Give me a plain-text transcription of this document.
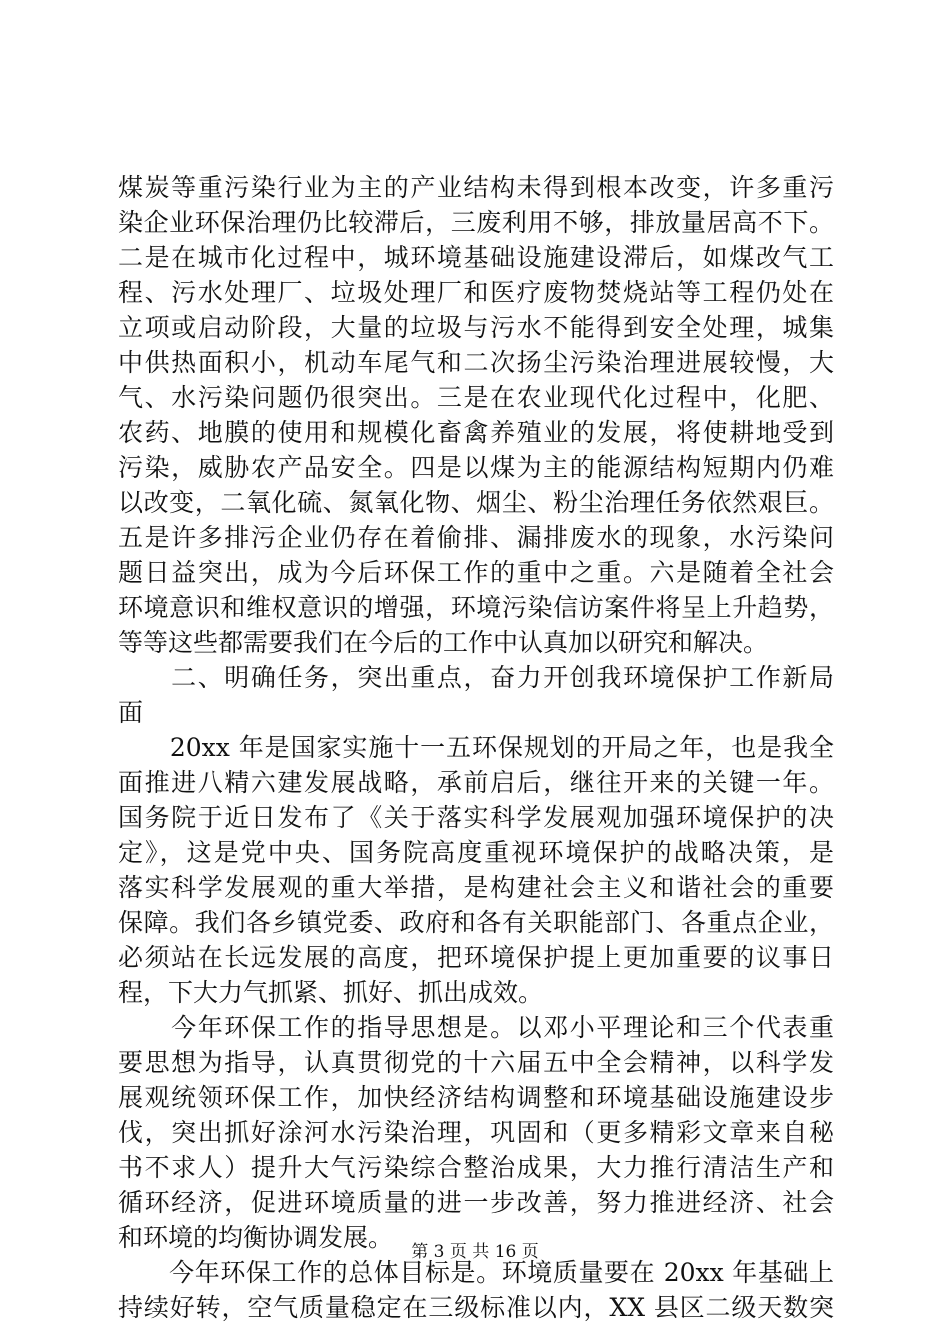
煤炭等重污染行业为主的产业结构未得到根本改变，许多重污
染企业环保治理仍比较滞后，三废利用不够，排放量居高不下。
二是在城市化过程中，城环境基础设施建设滞后，如煤改气工
程、污水处理厂、垃圾处理厂和医疗废物焚烧站等工程仍处在
立项或启动阶段，大量的垃圾与污水不能得到安全处理，城集
中供热面积小，机动车尾气和二次扬尘污染治理进展较慢，大
气、水污染问题仍很突出。三是在农业现代化过程中，化肥、
农药、地膜的使用和规模化畜禽养殖业的发展，将使耕地受到
污染，威胁农产品安全。四是以煤为主的能源结构短期内仍难
以改变，二氧化硫、氮氧化物、烟尘、粉尘治理任务依然艰巨。
五是许多排污企业仍存在着偷排、漏排废水的现象，水污染问
题日益突出，成为今后环保工作的重中之重。六是随着全社会
环境意识和维权意识的增强，环境污染信访案件将呈上升趋势，
等等这些都需要我们在今后的工作中认真加以研究和解决。
　　二、明确任务，突出重点，奋力开创我环境保护工作新局
面
　　20xx 年是国家实施十一五环保规划的开局之年，也是我全
面推进八精六建发展战略，承前启后，继往开来的关键一年。
国务院于近日发布了《关于落实科学发展观加强环境保护的决
定》，这是党中央、国务院高度重视环境保护的战略决策，是
落实科学发展观的重大举措，是构建社会主义和谐社会的重要
保障。我们各乡镇党委、政府和各有关职能部门、各重点企业，
必须站在长远发展的高度，把环境保护提上更加重要的议事日
程，下大力气抓紧、抓好、抓出成效。
　　今年环保工作的指导思想是。以邓小平理论和三个代表重
要思想为指导，认真贯彻党的十六届五中全会精神，以科学发
展观统领环保工作，加快经济结构调整和环境基础设施建设步
伐，突出抓好涂河水污染治理，巩固和（更多精彩文章来自秘
书不求人）提升大气污染综合整治成果，大力推行清洁生产和
循环经济，促进环境质量的进一步改善，努力推进经济、社会
和环境的均衡协调发展。
　　今年环保工作的总体目标是。环境质量要在 20xx 年基础上
持续好转，空气质量稳定在三级标准以内，XX 县区二级天数突
第 3 页 共 16 页
